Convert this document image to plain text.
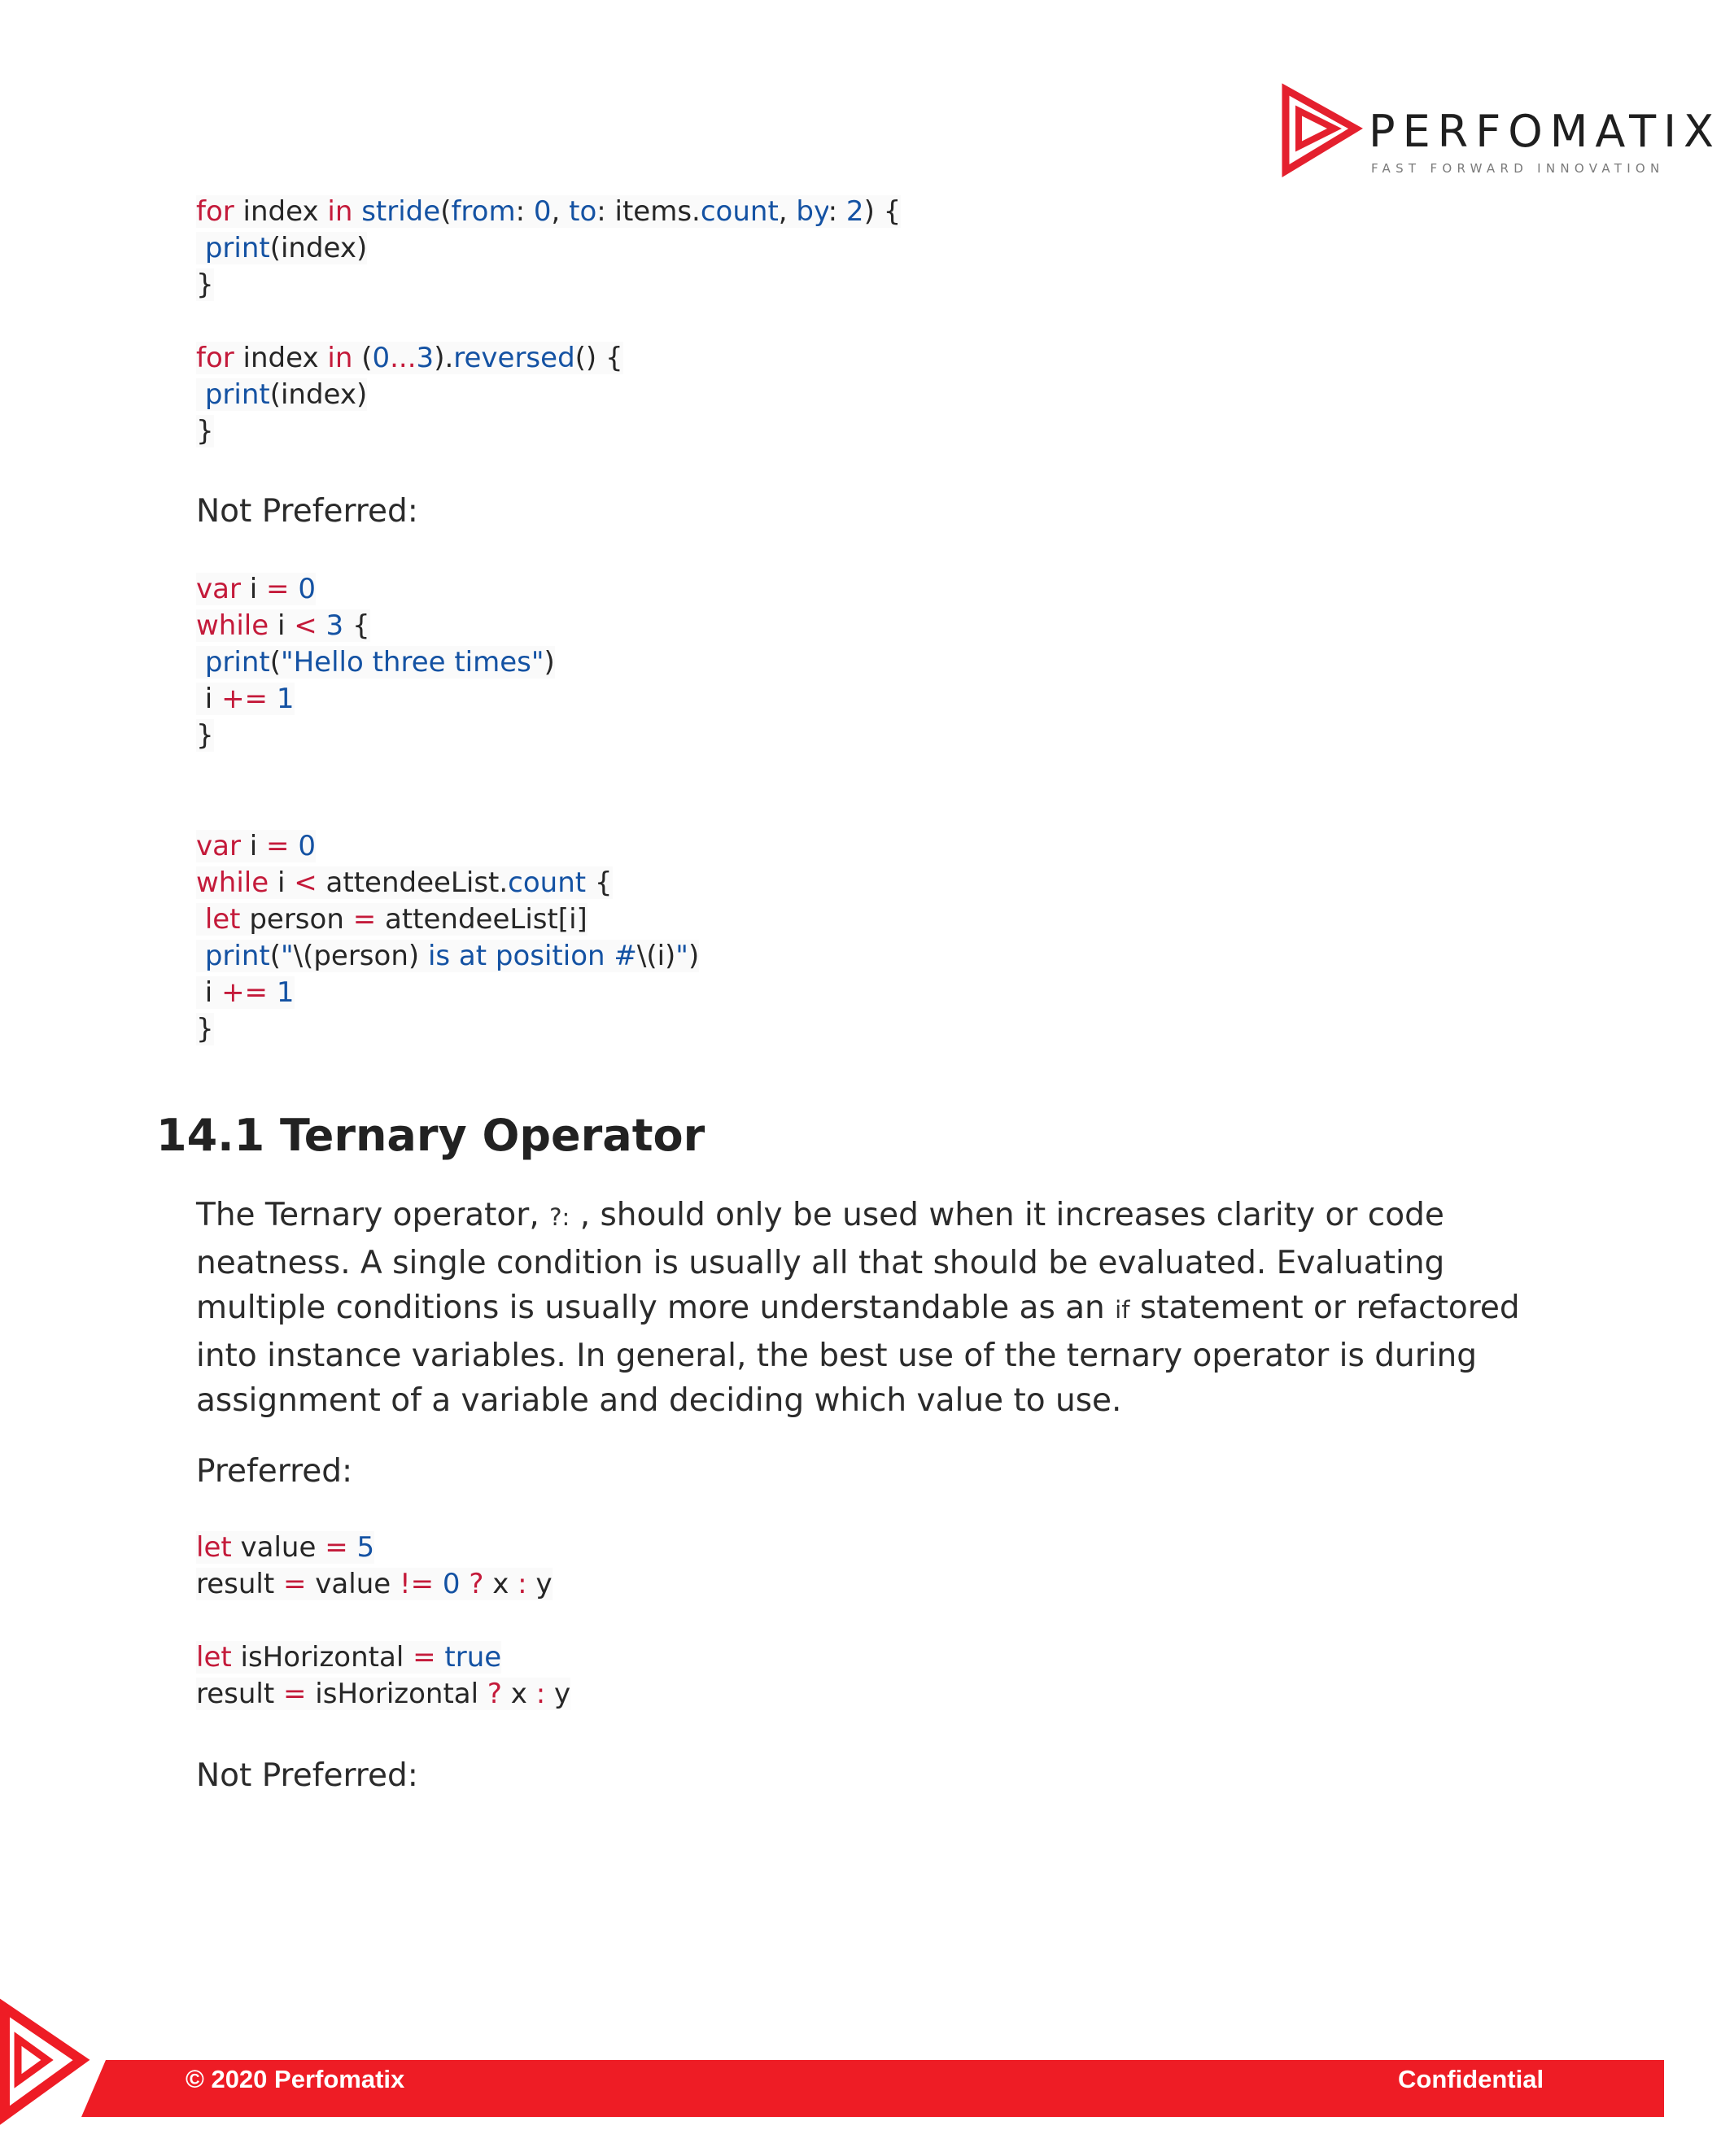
PERFOMATIX
FAST FORWARD INNOVATION
for index in stride(from: 0, to: items.count, by: 2) {
print(index)
}
for index in (0...3).reversed() {
print(index)
}
Not Preferred:
var i = 0
while i < 3 {
print("Hello three times")
i += 1
}
var i = 0
while i < attendeeList.count {
let person = attendeeList[i]
print("\(person) is at position #\(i)")
i += 1
}
14.1 Ternary Operator
The Ternary operator, ?: , should only be used when it increases clarity or code
neatness. A single condition is usually all that should be evaluated. Evaluating
multiple conditions is usually more understandable as an if statement or refactored
into instance variables. In general, the best use of the ternary operator is during
assignment of a variable and deciding which value to use.
Preferred:
let value = 5
result = value != 0 ? x : y
let isHorizontal = true
result = isHorizontal ? x : y
Not Preferred:
© 2020 Perfomatix	Confidential
